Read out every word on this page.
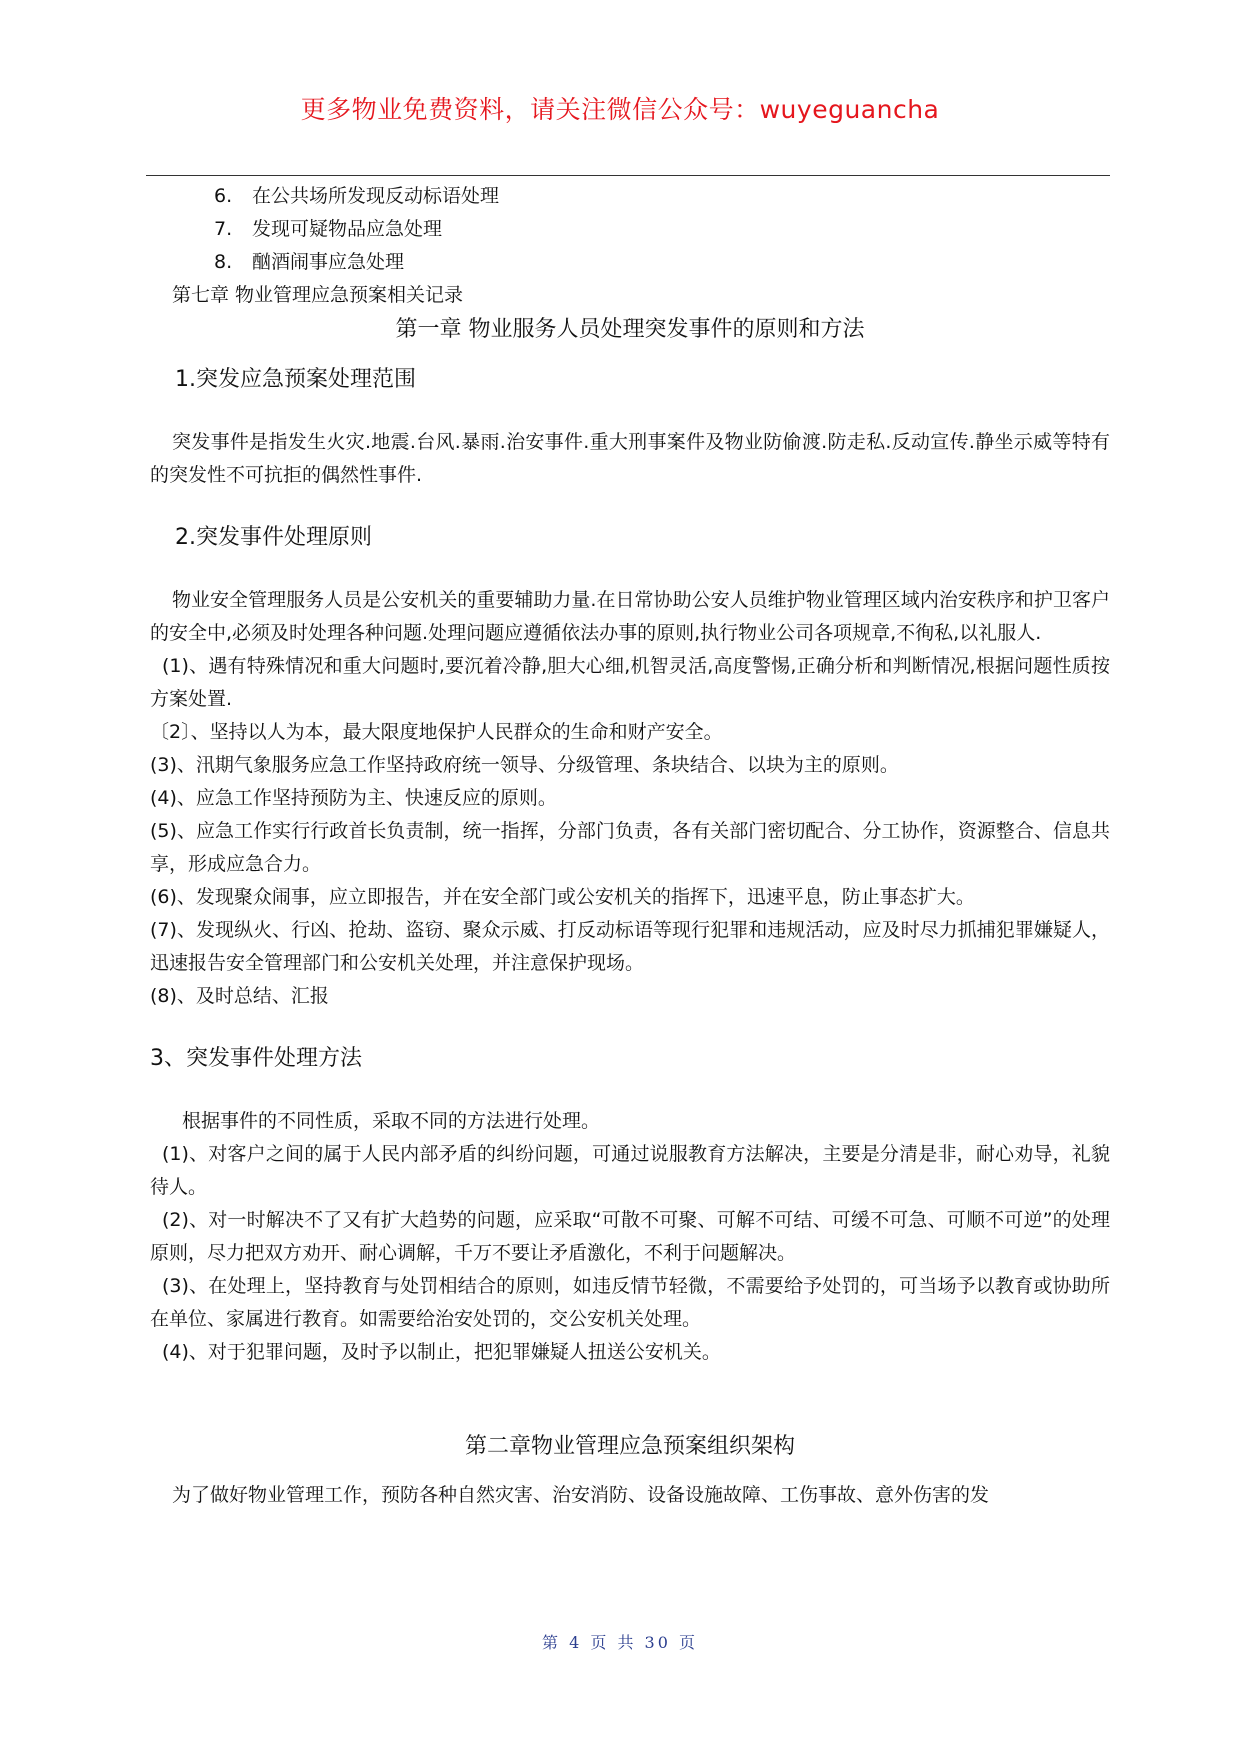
更多物业免费资料，请关注微信公众号：wuyeguancha
6. 在公共场所发现反动标语处理
7. 发现可疑物品应急处理
8. 酗酒闹事应急处理
第七章 物业管理应急预案相关记录
第一章 物业服务人员处理突发事件的原则和方法
1.突发应急预案处理范围

突发事件是指发生火灾.地震.台风.暴雨.治安事件.重大刑事案件及物业防偷渡.防走私.反动宣传.静坐示威等特有的突发性不可抗拒的偶然性事件.

2.突发事件处理原则

物业安全管理服务人员是公安机关的重要辅助力量.在日常协助公安人员维护物业管理区域内治安秩序和护卫客户的安全中,必须及时处理各种问题.处理问题应遵循依法办事的原则,执行物业公司各项规章,不徇私,以礼服人.

(1)、遇有特殊情况和重大问题时,要沉着冷静,胆大心细,机智灵活,高度警惕,正确分析和判断情况,根据问题性质按方案处置.

〔2〕、坚持以人为本，最大限度地保护人民群众的生命和财产安全。

(3)、汛期气象服务应急工作坚持政府统一领导、分级管理、条块结合、以块为主的原则。

(4)、应急工作坚持预防为主、快速反应的原则。

(5)、应急工作实行行政首长负责制，统一指挥，分部门负责，各有关部门密切配合、分工协作，资源整合、信息共享，形成应急合力。

(6)、发现聚众闹事，应立即报告，并在安全部门或公安机关的指挥下，迅速平息，防止事态扩大。

(7)、发现纵火、行凶、抢劫、盗窃、聚众示威、打反动标语等现行犯罪和违规活动，应及时尽力抓捕犯罪嫌疑人，迅速报告安全管理部门和公安机关处理，并注意保护现场。

(8)、及时总结、汇报

3、突发事件处理方法

根据事件的不同性质，采取不同的方法进行处理。

(1)、对客户之间的属于人民内部矛盾的纠纷问题，可通过说服教育方法解决，主要是分清是非，耐心劝导，礼貌待人。

(2)、对一时解决不了又有扩大趋势的问题，应采取“可散不可聚、可解不可结、可缓不可急、可顺不可逆”的处理原则，尽力把双方劝开、耐心调解，千万不要让矛盾激化，不利于问题解决。

(3)、在处理上，坚持教育与处罚相结合的原则，如违反情节轻微，不需要给予处罚的，可当场予以教育或协助所在单位、家属进行教育。如需要给治安处罚的，交公安机关处理。

(4)、对于犯罪问题，及时予以制止，把犯罪嫌疑人扭送公安机关。

第二章物业管理应急预案组织架构

为了做好物业管理工作，预防各种自然灾害、治安消防、设备设施故障、工伤事故、意外伤害的发

第 4 页 共 30 页
